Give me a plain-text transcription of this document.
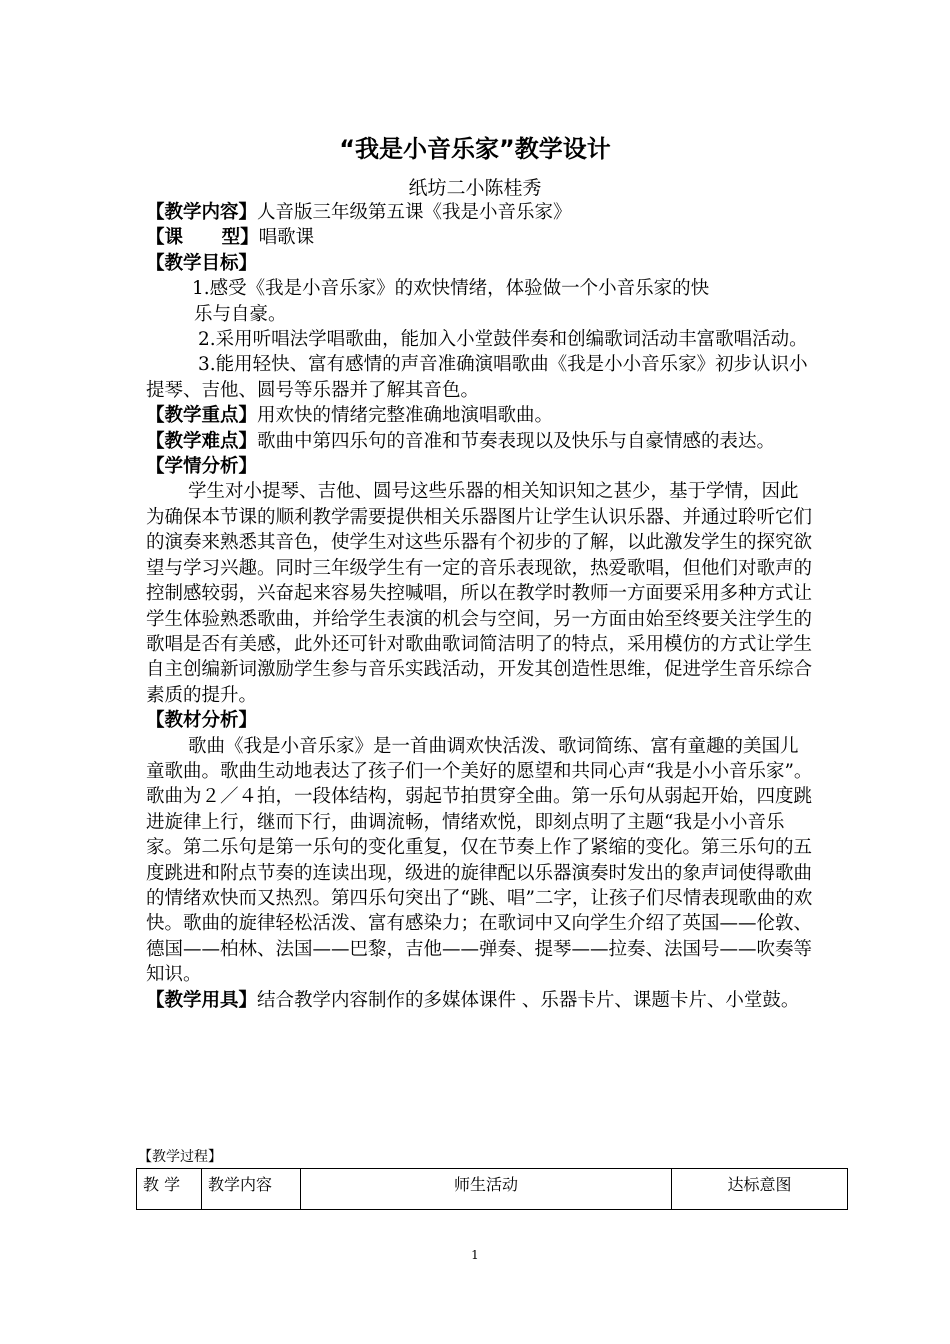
“我是小音乐家”教学设计
纸坊二小陈桂秀

【教学内容】人音版三年级第五课《我是小音乐家》

【课      型】唱歌课

【教学目标】

1.感受《我是小音乐家》的欢快情绪，体验做一个小音乐家的快

乐与自豪。

2.采用听唱法学唱歌曲，能加入小堂鼓伴奏和创编歌词活动丰富歌唱活动。

3.能用轻快、富有感情的声音准确演唱歌曲《我是小小音乐家》初步认识小提琴、吉他、圆号等乐器并了解其音色。

【教学重点】用欢快的情绪完整准确地演唱歌曲。

【教学难点】歌曲中第四乐句的音准和节奏表现以及快乐与自豪情感的表达。

【学情分析】

学生对小提琴、吉他、圆号这些乐器的相关知识知之甚少，基于学情，因此为确保本节课的顺利教学需要提供相关乐器图片让学生认识乐器、并通过聆听它们的演奏来熟悉其音色，使学生对这些乐器有个初步的了解，以此激发学生的探究欲望与学习兴趣。同时三年级学生有一定的音乐表现欲，热爱歌唱，但他们对歌声的控制感较弱，兴奋起来容易失控喊唱，所以在教学时教师一方面要采用多种方式让学生体验熟悉歌曲，并给学生表演的机会与空间，另一方面由始至终要关注学生的歌唱是否有美感，此外还可针对歌曲歌词简洁明了的特点，采用模仿的方式让学生自主创编新词激励学生参与音乐实践活动，开发其创造性思维，促进学生音乐综合素质的提升。

【教材分析】

歌曲《我是小音乐家》是一首曲调欢快活泼、歌词简练、富有童趣的美国儿童歌曲。歌曲生动地表达了孩子们一个美好的愿望和共同心声“我是小小音乐家”。歌曲为２／４拍，一段体结构，弱起节拍贯穿全曲。第一乐句从弱起开始，四度跳进旋律上行，继而下行，曲调流畅，情绪欢悦，即刻点明了主题“我是小小音乐家。第二乐句是第一乐句的变化重复，仅在节奏上作了紧缩的变化。第三乐句的五度跳进和附点节奏的连读出现，级进的旋律配以乐器演奏时发出的象声词使得歌曲的情绪欢快而又热烈。第四乐句突出了“跳、唱”二字，让孩子们尽情表现歌曲的欢快。歌曲的旋律轻松活泼、富有感染力；在歌词中又向学生介绍了英国——伦敦、德国——柏林、法国——巴黎，吉他——弹奏、提琴——拉奏、法国号——吹奏等知识。

【教学用具】结合教学内容制作的多媒体课件 、乐器卡片、课题卡片、小堂鼓。

【教学过程】
教 学	教学内容	师生活动	达标意图
1
